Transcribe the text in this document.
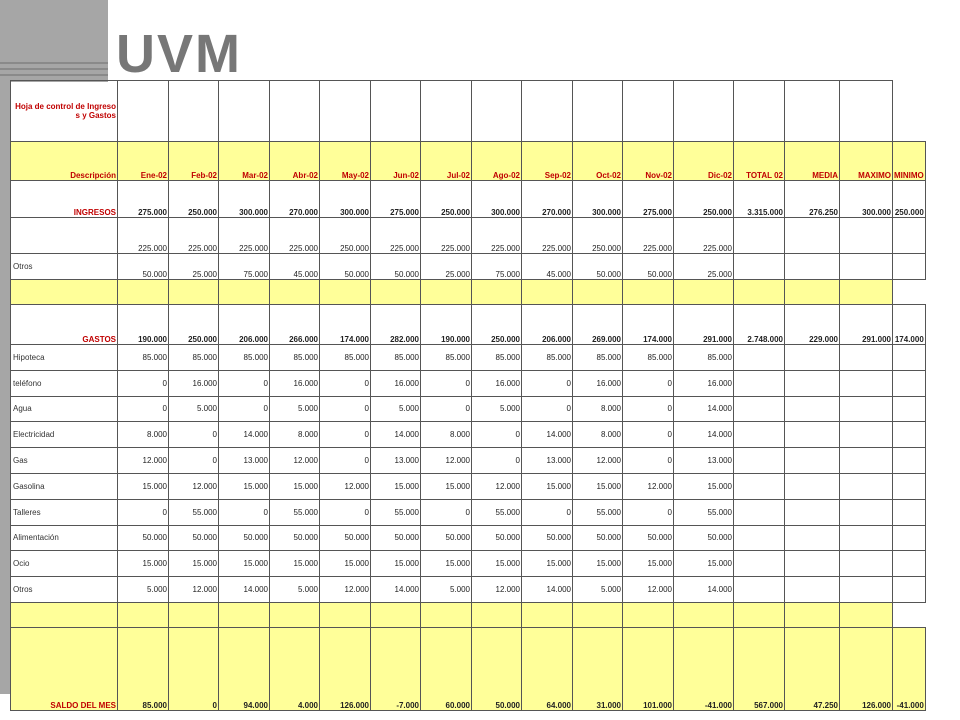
UVM
Hoja de control de Ingresos y Gastos																
Descripción	Ene-02	Feb-02	Mar-02	Abr-02	May-02	Jun-02	Jul-02	Ago-02	Sep-02	Oct-02	Nov-02	Dic-02	TOTAL 02	MEDIA	MAXIMO	MINIMO
INGRESOS	275.000	250.000	300.000	270.000	300.000	275.000	250.000	300.000	270.000	300.000	275.000	250.000	3.315.000	276.250	300.000	250.000
	225.000	225.000	225.000	225.000	250.000	225.000	225.000	225.000	225.000	250.000	225.000	225.000				
Otros	50.000	25.000	75.000	45.000	50.000	50.000	25.000	75.000	45.000	50.000	50.000	25.000				

GASTOS	190.000	250.000	206.000	266.000	174.000	282.000	190.000	250.000	206.000	269.000	174.000	291.000	2.748.000	229.000	291.000	174.000
Hipoteca	85.000	85.000	85.000	85.000	85.000	85.000	85.000	85.000	85.000	85.000	85.000	85.000				
teléfono	0	16.000	0	16.000	0	16.000	0	16.000	0	16.000	0	16.000				
Agua	0	5.000	0	5.000	0	5.000	0	5.000	0	8.000	0	14.000				
Electricidad	8.000	0	14.000	8.000	0	14.000	8.000	0	14.000	8.000	0	14.000				
Gas	12.000	0	13.000	12.000	0	13.000	12.000	0	13.000	12.000	0	13.000				
Gasolina	15.000	12.000	15.000	15.000	12.000	15.000	15.000	12.000	15.000	15.000	12.000	15.000				
Talleres	0	55.000	0	55.000	0	55.000	0	55.000	0	55.000	0	55.000				
Alimentación	50.000	50.000	50.000	50.000	50.000	50.000	50.000	50.000	50.000	50.000	50.000	50.000				
Ocio	15.000	15.000	15.000	15.000	15.000	15.000	15.000	15.000	15.000	15.000	15.000	15.000				
Otros	5.000	12.000	14.000	5.000	12.000	14.000	5.000	12.000	14.000	5.000	12.000	14.000				

SALDO DEL MES	85.000	0	94.000	4.000	126.000	-7.000	60.000	50.000	64.000	31.000	101.000	-41.000	567.000	47.250	126.000	-41.000
